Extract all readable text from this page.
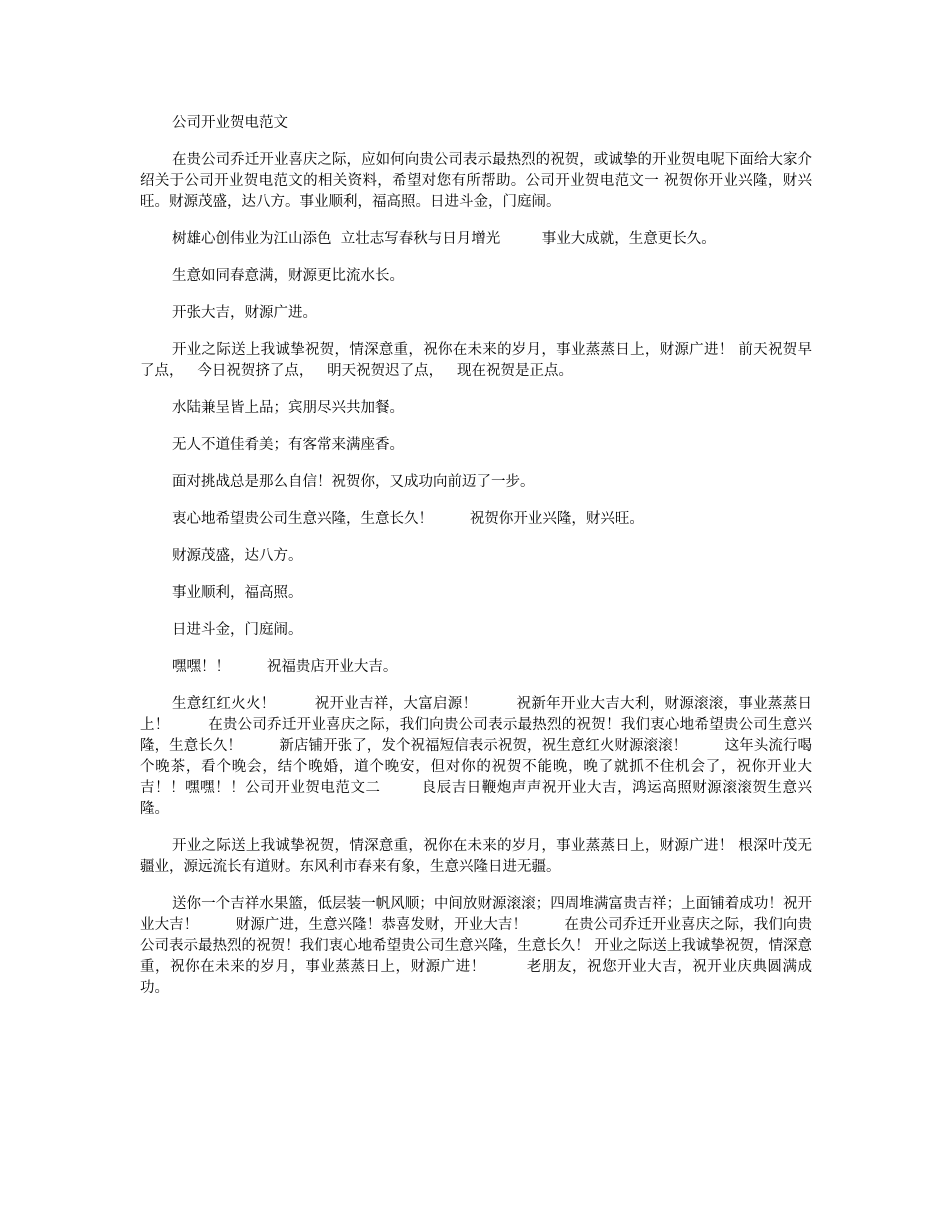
公司开业贺电范文

在贵公司乔迁开业喜庆之际，应如何向贵公司表示最热烈的祝贺，或诚挚的开业贺电呢下面给大家介绍关于公司开业贺电范文的相关资料，希望对您有所帮助。公司开业贺电范文一 祝贺你开业兴隆，财兴旺。财源茂盛，达八方。事业顺利，福高照。日进斗金，门庭闹。

树雄心创伟业为江山添色  立壮志写春秋与日月增光         事业大成就，生意更长久。

生意如同春意满，财源更比流水长。

开张大吉，财源广进。

开业之际送上我诚挚祝贺，情深意重，祝你在未来的岁月，事业蒸蒸日上，财源广进！ 前天祝贺早了点，   今日祝贺挤了点，   明天祝贺迟了点，   现在祝贺是正点。

水陆兼呈皆上品；宾朋尽兴共加餐。

无人不道佳肴美；有客常来满座香。

面对挑战总是那么自信！祝贺你，又成功向前迈了一步。

衷心地希望贵公司生意兴隆，生意长久！        祝贺你开业兴隆，财兴旺。

财源茂盛，达八方。

事业顺利，福高照。

日进斗金，门庭闹。

嘿嘿！！        祝福贵店开业大吉。

生意红红火火！        祝开业吉祥，大富启源！        祝新年开业大吉大利，财源滚滚，事业蒸蒸日上！        在贵公司乔迁开业喜庆之际，我们向贵公司表示最热烈的祝贺！我们衷心地希望贵公司生意兴隆，生意长久！        新店铺开张了，发个祝福短信表示祝贺，祝生意红火财源滚滚！        这年头流行喝个晚茶，看个晚会，结个晚婚，道个晚安，但对你的祝贺不能晚，晚了就抓不住机会了，祝你开业大吉！！嘿嘿！！公司开业贺电范文二        良辰吉日鞭炮声声祝开业大吉，鸿运高照财源滚滚贺生意兴隆。

开业之际送上我诚挚祝贺，情深意重，祝你在未来的岁月，事业蒸蒸日上，财源广进！ 根深叶茂无疆业，源远流长有道财。东风利市春来有象，生意兴隆日进无疆。

送你一个吉祥水果篮，低层装一帆风顺；中间放财源滚滚；四周堆满富贵吉祥；上面铺着成功！祝开业大吉！        财源广进，生意兴隆！恭喜发财，开业大吉！        在贵公司乔迁开业喜庆之际，我们向贵公司表示最热烈的祝贺！我们衷心地希望贵公司生意兴隆，生意长久！ 开业之际送上我诚挚祝贺，情深意重，祝你在未来的岁月，事业蒸蒸日上，财源广进！        老朋友，祝您开业大吉，祝开业庆典圆满成功。
